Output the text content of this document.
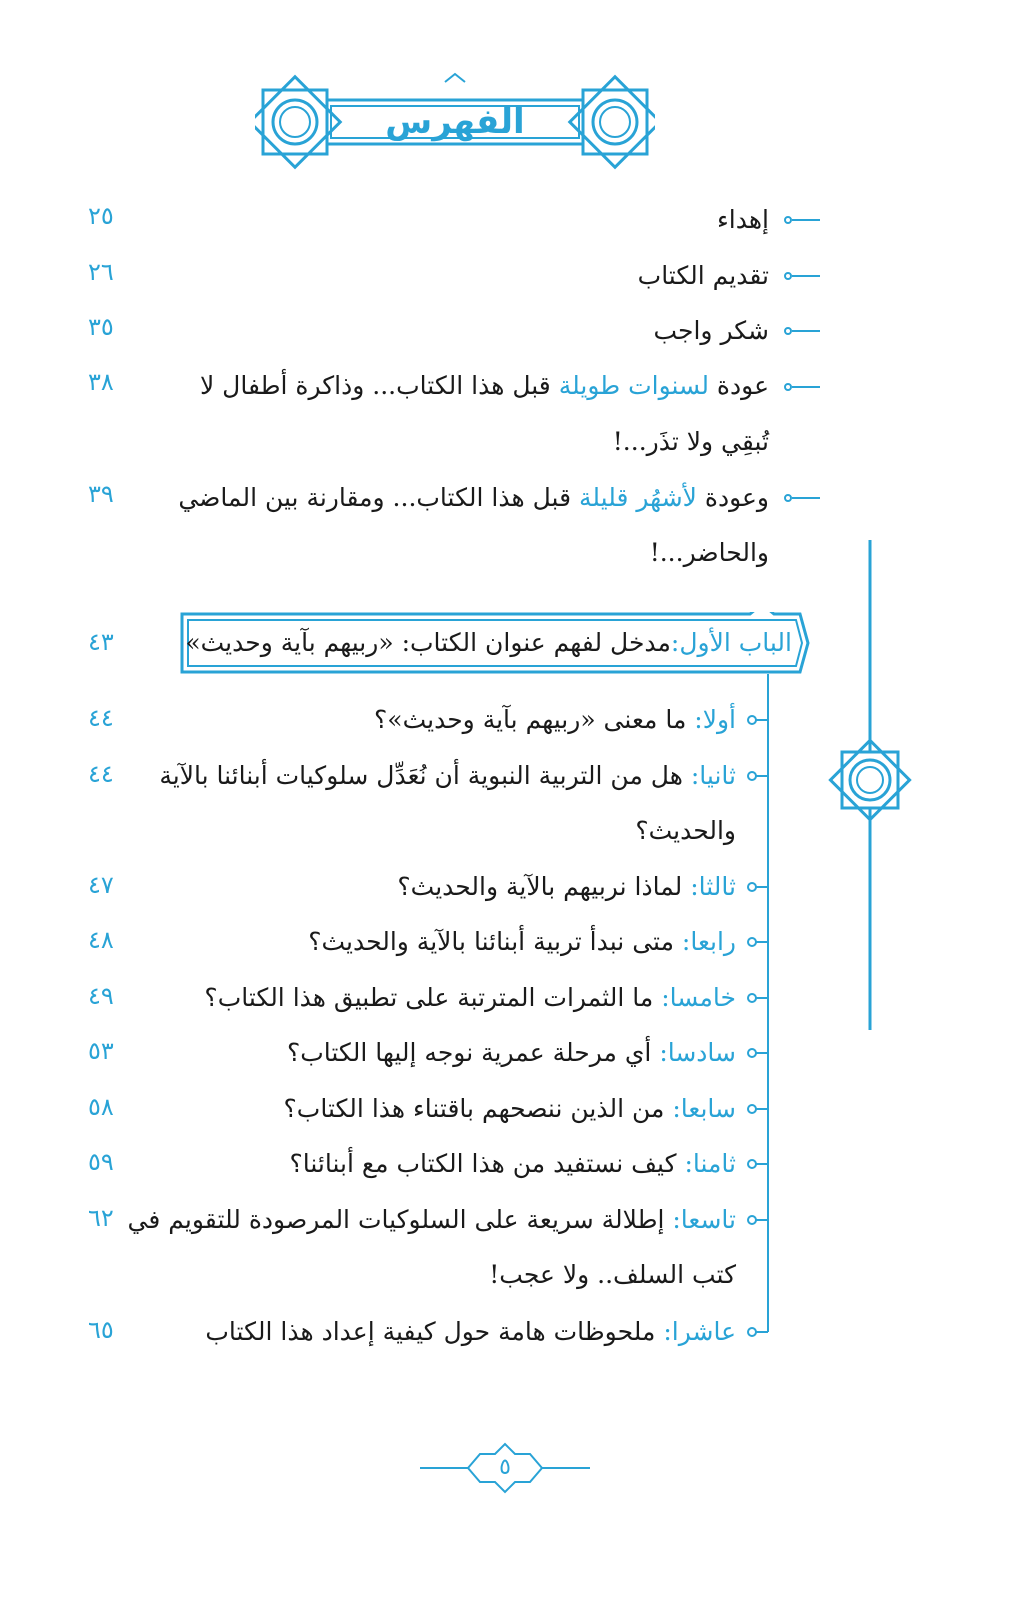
الفهرس
إهداء
٢٥
تقديم الكتاب
٢٦
شكر واجب
٣٥
عودة لسنوات طويلة قبل هذا الكتاب... وذاكرة أطفال لا
تُبقِي ولا تذَر...!
٣٨
وعودة لأشهُر قليلة قبل هذا الكتاب... ومقارنة بين الماضي
والحاضر...!
٣٩
الباب الأول:مدخل لفهم عنوان الكتاب: «ربيهم بآية وحديث»
٤٣
أولا: ما معنى «ربيهم بآية وحديث»؟
٤٤
ثانيا: هل من التربية النبوية أن نُعَدِّل سلوكيات أبنائنا بالآية
والحديث؟
٤٤
ثالثا: لماذا نربيهم بالآية والحديث؟
٤٧
رابعا: متى نبدأ تربية أبنائنا بالآية والحديث؟
٤٨
خامسا: ما الثمرات المترتبة على تطبيق هذا الكتاب؟
٤٩
سادسا: أي مرحلة عمرية نوجه إليها الكتاب؟
٥٣
سابعا: من الذين ننصحهم باقتناء هذا الكتاب؟
٥٨
ثامنا: كيف نستفيد من هذا الكتاب مع أبنائنا؟
٥٩
تاسعا: إطلالة سريعة على السلوكيات المرصودة للتقويم في
كتب السلف.. ولا عجب!
٦٢
عاشرا: ملحوظات هامة حول كيفية إعداد هذا الكتاب
٦٥
٥
